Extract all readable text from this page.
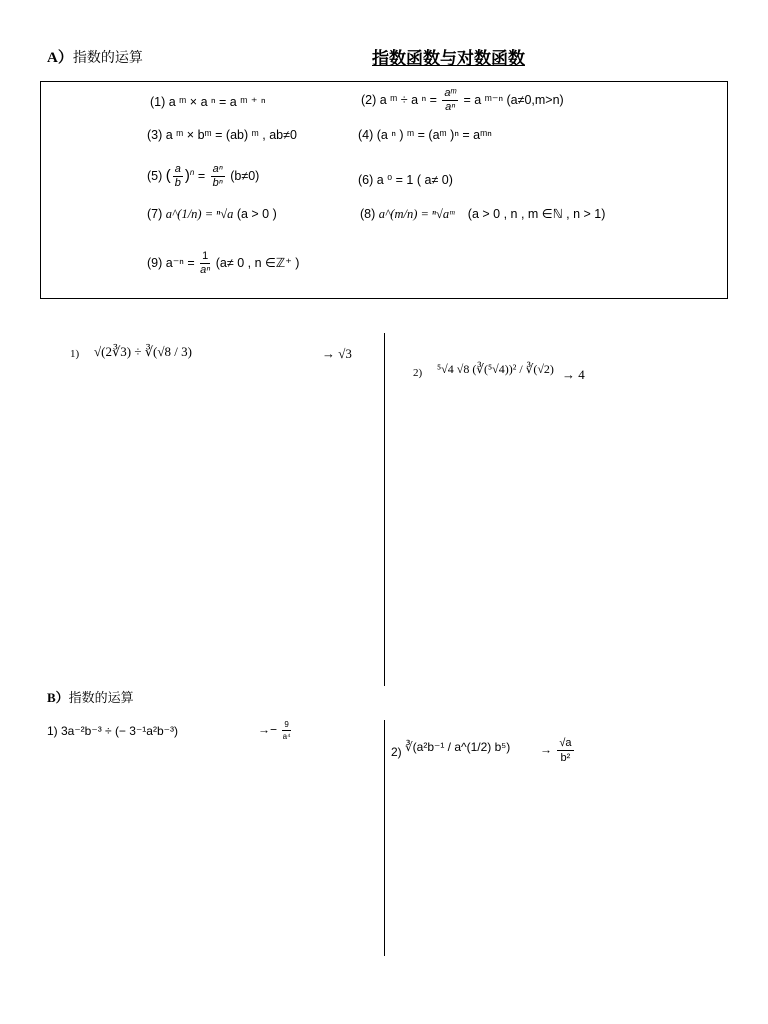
A）指数的运算	指数函数与对数函数
(1) a ᵐ × a ⁿ = a ᵐ ⁺ ⁿ	(2) a ᵐ ÷ a $^n = \frac{\text{aᵐ}}{\text{aⁿ}} = a$ ᵐ⁻ⁿ (a≠0,m>n)
(3) a ᵐ × bᵐ = (ab) ᵐ , ab≠0	(4) (a ⁿ ) ᵐ = (aᵐ )ⁿ = aᵐⁿ
(5) ( $\frac{a}{b} )^n = \frac{\text{aⁿ}}{\text{bⁿ}} (b\ne 0)$	(6) a ⁰ = 1 ( a≠ 0)
(7) a^(1/n) = ⁿ√a (a > 0 )	(8) a^(m/n) = ⁿ√aᵐ (a > 0 , n , m ∈ℕ , n > 1)
(9) $a^{-n} = \frac{1}{\text{aⁿ}} (a\ne 0$ , n ∈ℤ⁺ )
1) √(2∛3) ÷ ∛(√8 / 3)	→ √3
2) ⁵√4 √8 (∛(⁵√4))² / ∛(√2) → 4
B）指数的运算
1) 3a⁻²b⁻³ ÷ (− 3⁻¹a²b⁻³)	→− $\frac{9}{\text{a⁴}}$
2) ∛(a²b⁻¹ / a^(1/2) $b^5) \to \frac{√a}{\text{b²}}$
